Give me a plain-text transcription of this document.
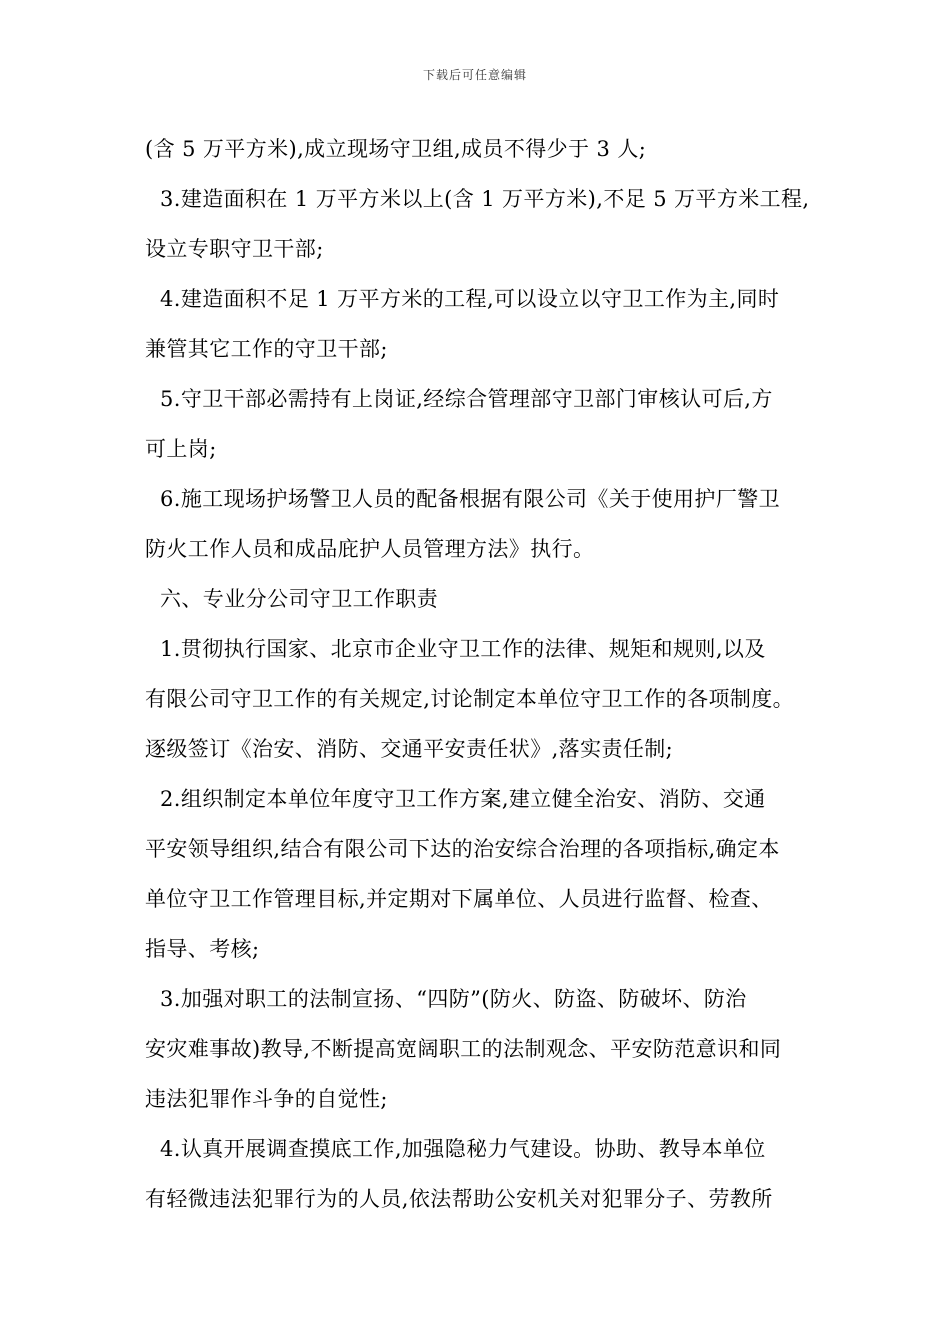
下载后可任意编辑
(含 5 万平方米),成立现场守卫组,成员不得少于 3 人;
3.建造面积在 1 万平方米以上(含 1 万平方米),不足 5 万平方米工程,
设立专职守卫干部;
4.建造面积不足 1 万平方米的工程,可以设立以守卫工作为主,同时
兼管其它工作的守卫干部;
5.守卫干部必需持有上岗证,经综合管理部守卫部门审核认可后,方
可上岗;
6.施工现场护场警卫人员的配备根据有限公司《关于使用护厂警卫
防火工作人员和成品庇护人员管理方法》执行。
六、专业分公司守卫工作职责
1.贯彻执行国家、北京市企业守卫工作的法律、规矩和规则,以及
有限公司守卫工作的有关规定,讨论制定本单位守卫工作的各项制度。
逐级签订《治安、消防、交通平安责任状》,落实责任制;
2.组织制定本单位年度守卫工作方案,建立健全治安、消防、交通
平安领导组织,结合有限公司下达的治安综合治理的各项指标,确定本
单位守卫工作管理目标,并定期对下属单位、人员进行监督、检查、
指导、考核;
3.加强对职工的法制宣扬、“四防”(防火、防盗、防破坏、防治
安灾难事故)教导,不断提高宽阔职工的法制观念、平安防范意识和同
违法犯罪作斗争的自觉性;
4.认真开展调查摸底工作,加强隐秘力气建设。协助、教导本单位
有轻微违法犯罪行为的人员,依法帮助公安机关对犯罪分子、劳教所
